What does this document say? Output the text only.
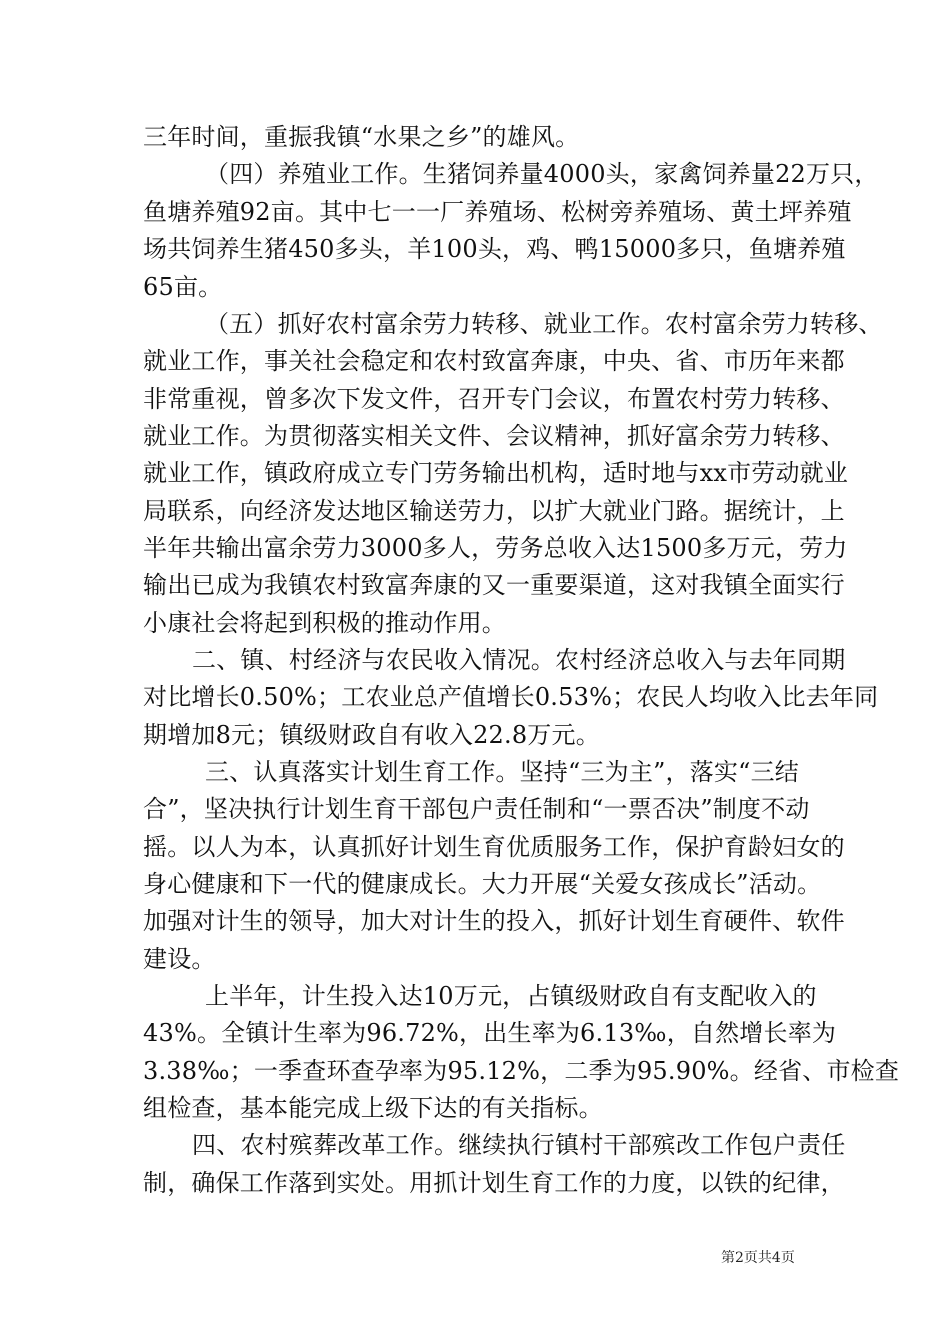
三年时间，重振我镇“水果之乡”的雄风。
（四）养殖业工作。生猪饲养量4000头，家禽饲养量22万只，
鱼塘养殖92亩。其中七一一厂养殖场、松树旁养殖场、黄土坪养殖
场共饲养生猪450多头，羊100头，鸡、鸭15000多只，鱼塘养殖
65亩。
（五）抓好农村富余劳力转移、就业工作。农村富余劳力转移、
就业工作，事关社会稳定和农村致富奔康，中央、省、市历年来都
非常重视，曾多次下发文件，召开专门会议，布置农村劳力转移、
就业工作。为贯彻落实相关文件、会议精神，抓好富余劳力转移、
就业工作，镇政府成立专门劳务输出机构，适时地与xx市劳动就业
局联系，向经济发达地区输送劳力，以扩大就业门路。据统计，上
半年共输出富余劳力3000多人，劳务总收入达1500多万元，劳力
输出已成为我镇农村致富奔康的又一重要渠道，这对我镇全面实行
小康社会将起到积极的推动作用。
二、镇、村经济与农民收入情况。农村经济总收入与去年同期
对比增长0.50%；工农业总产值增长0.53%；农民人均收入比去年同
期增加8元；镇级财政自有收入22.8万元。
三、认真落实计划生育工作。坚持“三为主”，落实“三结
合”，坚决执行计划生育干部包户责任制和“一票否决”制度不动
摇。以人为本，认真抓好计划生育优质服务工作，保护育龄妇女的
身心健康和下一代的健康成长。大力开展“关爱女孩成长”活动。
加强对计生的领导，加大对计生的投入，抓好计划生育硬件、软件
建设。
上半年，计生投入达10万元，占镇级财政自有支配收入的
43%。全镇计生率为96.72%，出生率为6.13‰，自然增长率为
3.38‰；一季查环查孕率为95.12%，二季为95.90%。经省、市检查
组检查，基本能完成上级下达的有关指标。
四、农村殡葬改革工作。继续执行镇村干部殡改工作包户责任
制，确保工作落到实处。用抓计划生育工作的力度，以铁的纪律，
第2页共4页
